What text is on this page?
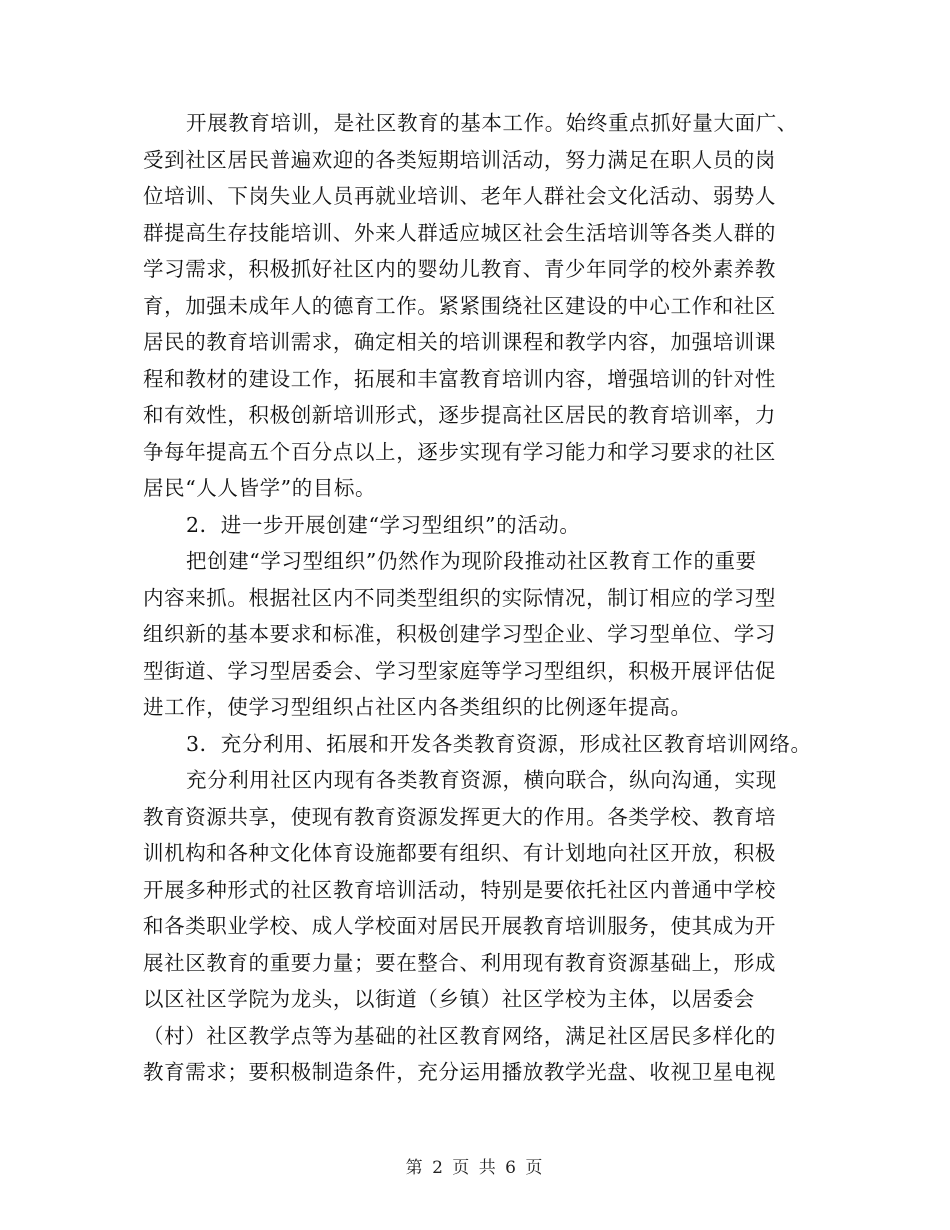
开展教育培训，是社区教育的基本工作。始终重点抓好量大面广、
受到社区居民普遍欢迎的各类短期培训活动，努力满足在职人员的岗
位培训、下岗失业人员再就业培训、老年人群社会文化活动、弱势人
群提高生存技能培训、外来人群适应城区社会生活培训等各类人群的
学习需求，积极抓好社区内的婴幼儿教育、青少年同学的校外素养教
育，加强未成年人的德育工作。紧紧围绕社区建设的中心工作和社区
居民的教育培训需求，确定相关的培训课程和教学内容，加强培训课
程和教材的建设工作，拓展和丰富教育培训内容，增强培训的针对性
和有效性，积极创新培训形式，逐步提高社区居民的教育培训率，力
争每年提高五个百分点以上，逐步实现有学习能力和学习要求的社区
居民“人人皆学”的目标。
2．进一步开展创建“学习型组织”的活动。
把创建“学习型组织”仍然作为现阶段推动社区教育工作的重要
内容来抓。根据社区内不同类型组织的实际情况，制订相应的学习型
组织新的基本要求和标准，积极创建学习型企业、学习型单位、学习
型街道、学习型居委会、学习型家庭等学习型组织，积极开展评估促
进工作，使学习型组织占社区内各类组织的比例逐年提高。
3．充分利用、拓展和开发各类教育资源，形成社区教育培训网络。
充分利用社区内现有各类教育资源，横向联合，纵向沟通，实现
教育资源共享，使现有教育资源发挥更大的作用。各类学校、教育培
训机构和各种文化体育设施都要有组织、有计划地向社区开放，积极
开展多种形式的社区教育培训活动，特别是要依托社区内普通中学校
和各类职业学校、成人学校面对居民开展教育培训服务，使其成为开
展社区教育的重要力量；要在整合、利用现有教育资源基础上，形成
以区社区学院为龙头，以街道（乡镇）社区学校为主体，以居委会
（村）社区教学点等为基础的社区教育网络，满足社区居民多样化的
教育需求；要积极制造条件，充分运用播放教学光盘、收视卫星电视
第 2 页 共 6 页
